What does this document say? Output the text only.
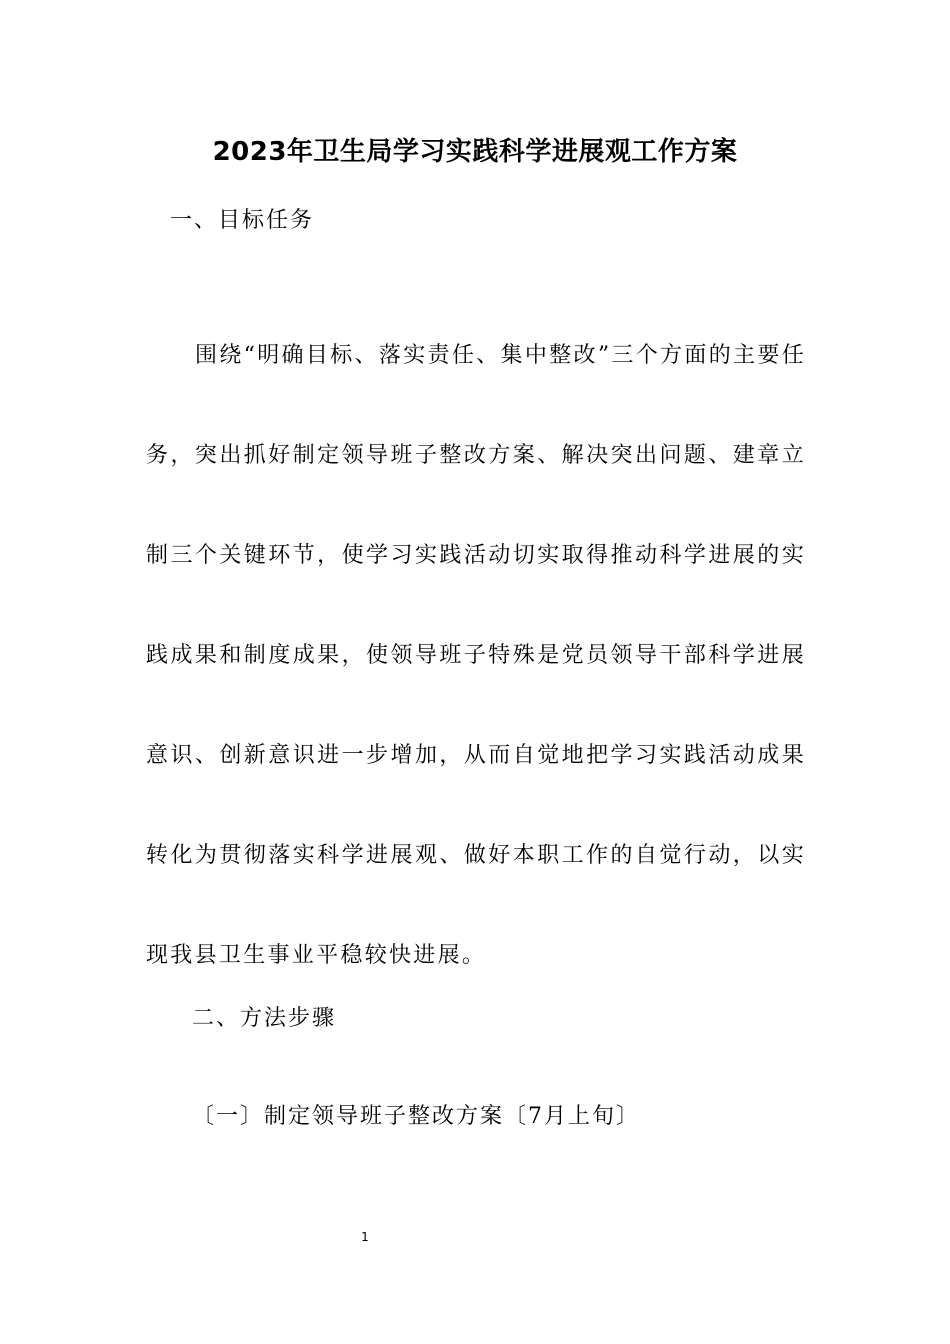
2023年卫生局学习实践科学进展观工作方案
一、目标任务

围绕“明确目标、落实责任、集中整改”三个方面的主要任务，突出抓好制定领导班子整改方案、解决突出问题、建章立制三个关键环节，使学习实践活动切实取得推动科学进展的实践成果和制度成果，使领导班子特殊是党员领导干部科学进展意识、创新意识进一步增加，从而自觉地把学习实践活动成果转化为贯彻落实科学进展观、做好本职工作的自觉行动，以实现我县卫生事业平稳较快进展。

二、方法步骤
〔一〕制定领导班子整改方案〔7月上旬〕
1
